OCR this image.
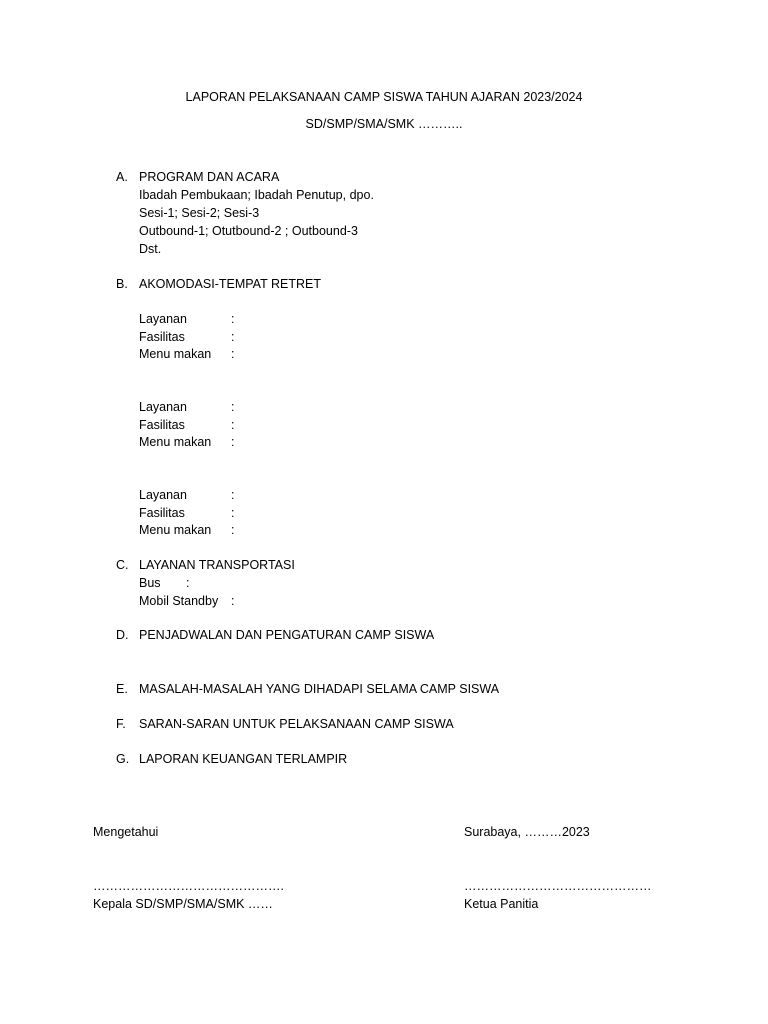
LAPORAN PELAKSANAAN CAMP SISWA TAHUN AJARAN 2023/2024
SD/SMP/SMA/SMK ………..
A. PROGRAM DAN ACARA
Ibadah Pembukaan; Ibadah Penutup, dpo.
Sesi-1; Sesi-2; Sesi-3
Outbound-1; Otutbound-2 ; Outbound-3
Dst.
B. AKOMODASI-TEMPAT RETRET
Layanan	:
Fasilitas	:
Menu makan	:
Layanan	:
Fasilitas	:
Menu makan	:
Layanan	:
Fasilitas	:
Menu makan	:
C. LAYANAN TRANSPORTASI
Bus :
Mobil Standby :
D. PENJADWALAN DAN PENGATURAN CAMP SISWA
E. MASALAH-MASALAH YANG DIHADAPI SELAMA CAMP SISWA
F.	SARAN-SARAN UNTUK PELAKSANAAN CAMP SISWA
G. LAPORAN KEUANGAN TERLAMPIR
Mengetahui	Surabaya, ………2023
……………………………………….	………………………………………
Kepala SD/SMP/SMA/SMK ……	Ketua Panitia
